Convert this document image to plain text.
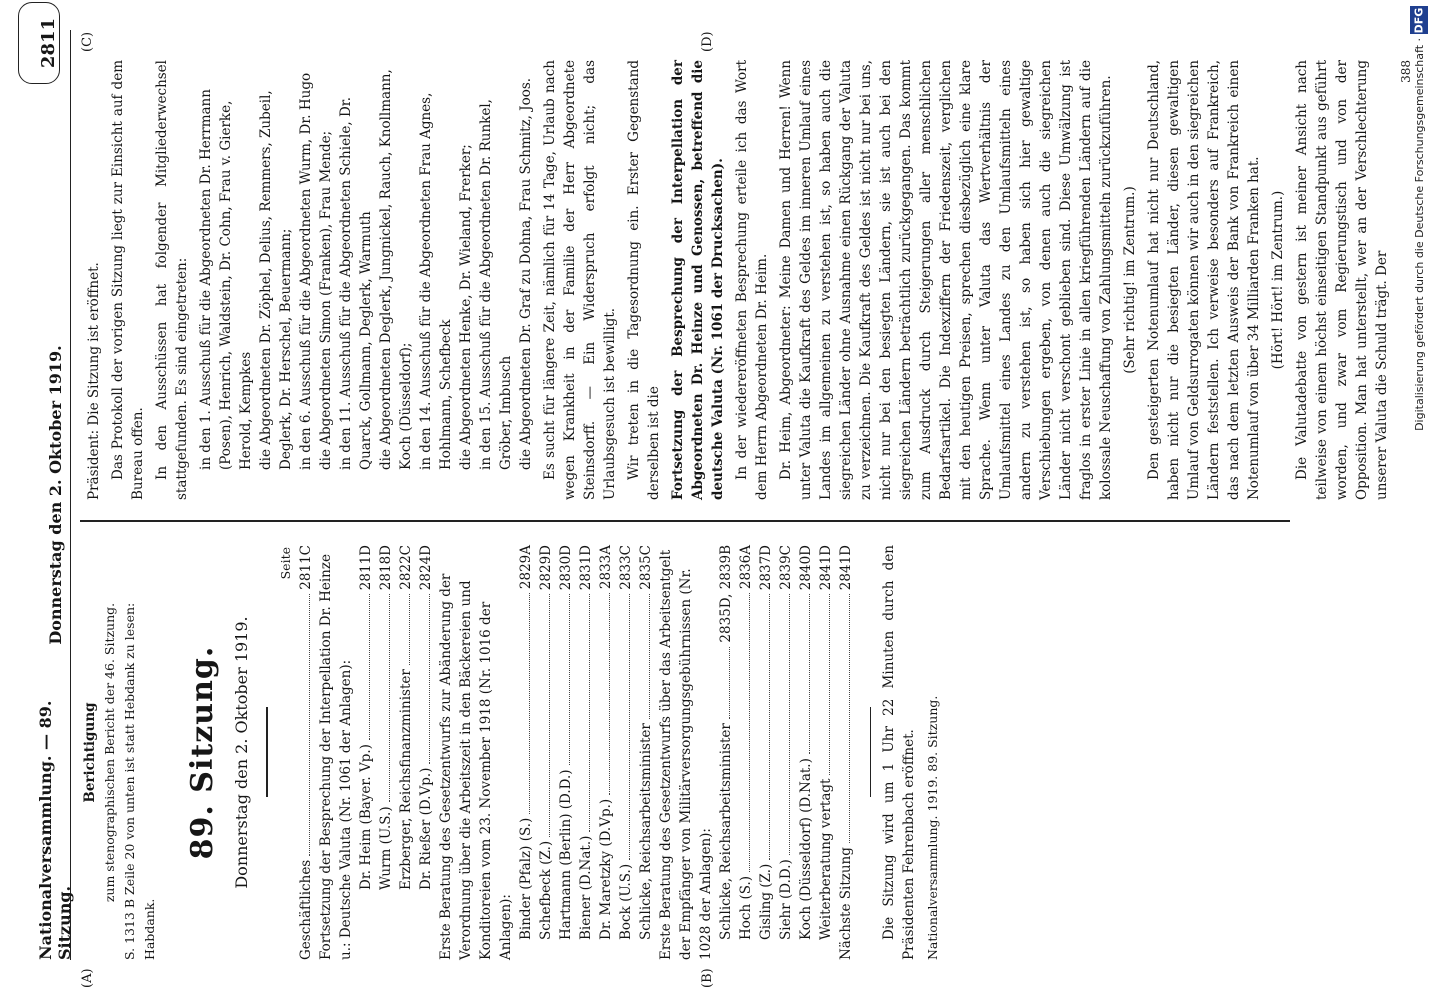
DFG
Digitalisierung gefördert durch die Deutsche Forschungsgemeinschaft ·
Nationalversammlung. — 89. Sitzung.
Donnerstag den 2. Oktober 1919.
2811
(A)	(B)
(C)	(D)
Berichtigung zum stenographischen Bericht der 46. Sitzung. S. 1313 B Zeile 20 von unten ist statt Hebdank zu lesen: Habdank.
89. Sitzung. Donnerstag den 2. Oktober 1919.
Seite
Geschäftliches
2811C Fortsetzung der Besprechung der Interpellation Dr. Heinze u.: Deutsche Valuta (Nr. 1061 der Anlagen): Dr. Heim (Bayer. Vp.)
2811D
Wurm (U.S.)
2818D
Erzberger, Reichsfinanzminister
2822C
Dr. Rießer (D.Vp.)
2824D
Erste Beratung des Gesetzentwurfs zur Abänderung der Verordnung über die Arbeitszeit in den Bäckereien und Konditoreien vom 23. November 1918 (Nr. 1016 der Anlagen): Binder (Pfalz) (S.)
2829A
Schefbeck (Z.)
2829D
Hartmann (Berlin) (D.D.)
2830D
Biener (D.Nat.)
2831D
Dr. Maretzky (D.Vp.)
2833A
Bock (U.S.)
2833C
Schlicke, Reichsarbeitsminister
2835C Erste Beratung des Gesetzentwurfs über das Arbeitsentgelt der Empfänger von Militärversorgungsgebührnissen (Nr. 1028 der Anlagen): Schlicke, Reichsarbeitsminister
2835D, 2839B
Hoch (S.)
2836A
Gisling (Z.)
2837D
Siehr (D.D.)
2839C
Koch (Düsseldorf) (D.Nat.)
2840D
Weiterberatung vertagt
2841D
Nächste Sitzung
2841D Die Sitzung wird um 1 Uhr 22 Minuten durch den Präsidenten Fehrenbach eröffnet. Nationalversammlung. 1919. 89. Sitzung.
Präsident: Die Sitzung ist eröffnet. Das Protokoll der vorigen Sitzung liegt zur Einsicht auf dem Bureau offen. In den Ausschüssen hat folgender Mitgliederwechsel stattgefunden. Es sind eingetreten: in den 1. Ausschuß für die Abgeordneten Dr. Herrmann (Posen), Henrich, Waldstein, Dr. Cohn, Frau v. Gierke, Herold, Kempkes die Abgeordneten Dr. Zöphel, Delius, Remmers, Zubeil, Deglerk, Dr. Herschel, Beuermann; in den 6. Ausschuß für die Abgeordneten Wurm, Dr. Hugo die Abgeordneten Simon (Franken), Frau Mende; in den 11. Ausschuß für die Abgeordneten Schiele, Dr. Quarck, Gollmann, Deglerk, Warmuth die Abgeordneten Deglerk, Jungnickel, Rauch, Knollmann, Koch (Düsseldorf); in den 14. Ausschuß für die Abgeordneten Frau Agnes, Hohlmann, Schefbeck die Abgeordneten Henke, Dr. Wieland, Frerker; in den 15. Ausschuß für die Abgeordneten Dr. Runkel, Gröber, Imbusch die Abgeordneten Dr. Graf zu Dohna, Frau Schmitz, Joos. Es sucht für längere Zeit, nämlich für 14 Tage, Urlaub nach wegen Krankheit in der Familie der Herr Abgeordnete Steinsdorff. — Ein Widerspruch erfolgt nicht; das Urlaubsgesuch ist bewilligt. Wir treten in die Tagesordnung ein. Erster Gegenstand derselben ist die Fortsetzung der Besprechung der Interpellation der Abgeordneten Dr. Heinze und Genossen, betreffend die deutsche Valuta (Nr. 1061 der Drucksachen). In der wiedereröffneten Besprechung erteile ich das Wort dem Herrn Abgeordneten Dr. Heim. Dr. Heim, Abgeordneter: Meine Damen und Herren! Wenn unter Valuta die Kaufkraft des Geldes im inneren Umlauf eines Landes im allgemeinen zu verstehen ist, so haben auch die siegreichen Länder ohne Ausnahme einen Rückgang der Valuta zu verzeichnen. Die Kaufkraft des Geldes ist nicht nur bei uns, nicht nur bei den besiegten Ländern, sie ist auch bei den siegreichen Ländern beträchtlich zurückgegangen. Das kommt zum Ausdruck durch Steigerungen aller menschlichen Bedarfsartikel. Die Indexziffern der Friedenszeit, verglichen mit den heutigen Preisen, sprechen diesbezüglich eine klare Sprache. Wenn unter Valuta das Wertverhältnis der Umlaufsmittel eines Landes zu den Umlaufsmitteln eines andern zu verstehen ist, so haben sich hier gewaltige Verschiebungen ergeben, von denen auch die siegreichen Länder nicht verschont geblieben sind. Diese Umwälzung ist fraglos in erster Linie in allen kriegführenden Ländern auf die kolossale Neuschaffung von Zahlungsmitteln zurückzuführen. (Sehr richtig! im Zentrum.) Den gesteigerten Notenumlauf hat nicht nur Deutschland, haben nicht nur die besiegten Länder, diesen gewaltigen Umlauf von Geldsurrogaten können wir auch in den siegreichen Ländern feststellen. Ich verweise besonders auf Frankreich, das nach dem letzten Ausweis der Bank von Frankreich einen Notenumlauf von über 34 Milliarden Franken hat. (Hört! Hört! im Zentrum.) Die Valutadebatte von gestern ist meiner Ansicht nach teilweise von einem höchst einseitigen Standpunkt aus geführt worden, und zwar vom Regierungstisch und von der Opposition. Man hat unterstellt, wer an der Verschlechterung unserer Valuta die Schuld trägt. Der
388
